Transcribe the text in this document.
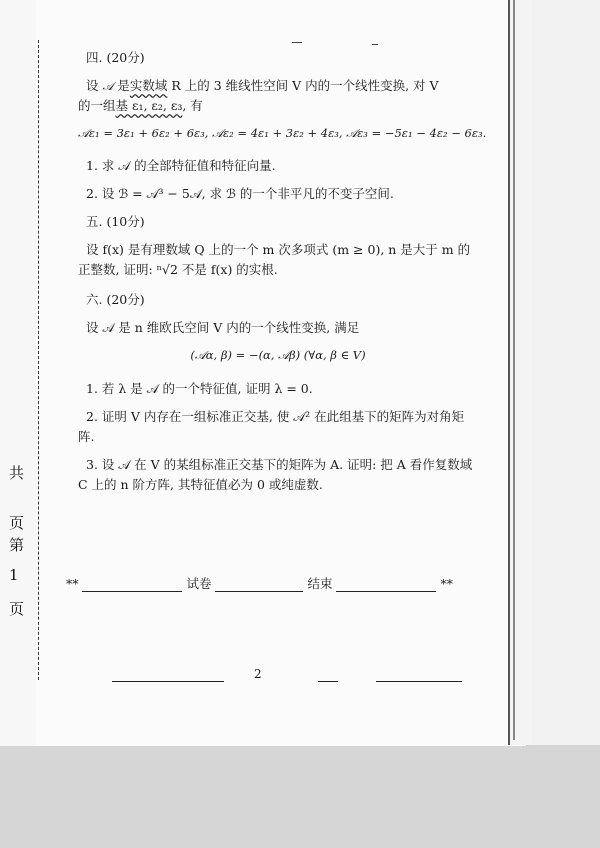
共
页
第
1
页
四. (20分)
设 𝒜 是实数域 R 上的 3 维线性空间 V 内的一个线性变换, 对 V
的一组基 ε₁, ε₂, ε₃, 有
𝒜ε₁ = 3ε₁ + 6ε₂ + 6ε₃, 𝒜ε₂ = 4ε₁ + 3ε₂ + 4ε₃, 𝒜ε₃ = −5ε₁ − 4ε₂ − 6ε₃.
1. 求 𝒜 的全部特征值和特征向量.
2. 设 ℬ = 𝒜³ − 5𝒜, 求 ℬ 的一个非平凡的不变子空间.
五. (10分)
设 f(x) 是有理数域 Q 上的一个 m 次多项式 (m ≥ 0), n 是大于 m 的正整数, 证明: ⁿ√2 不是 f(x) 的实根.
六. (20分)
设 𝒜 是 n 维欧氏空间 V 内的一个线性变换, 满足
(𝒜α, β) = −(α, 𝒜β) (∀α, β ∈ V)
1. 若 λ 是 𝒜 的一个特征值, 证明 λ = 0.
2. 证明 V 内存在一组标准正交基, 使 𝒜² 在此组基下的矩阵为对角矩阵.
3. 设 𝒜 在 V 的某组标准正交基下的矩阵为 A. 证明: 把 A 看作复数域 C 上的 n 阶方阵, 其特征值必为 0 或纯虚数.
**	试卷	结束	**
2
